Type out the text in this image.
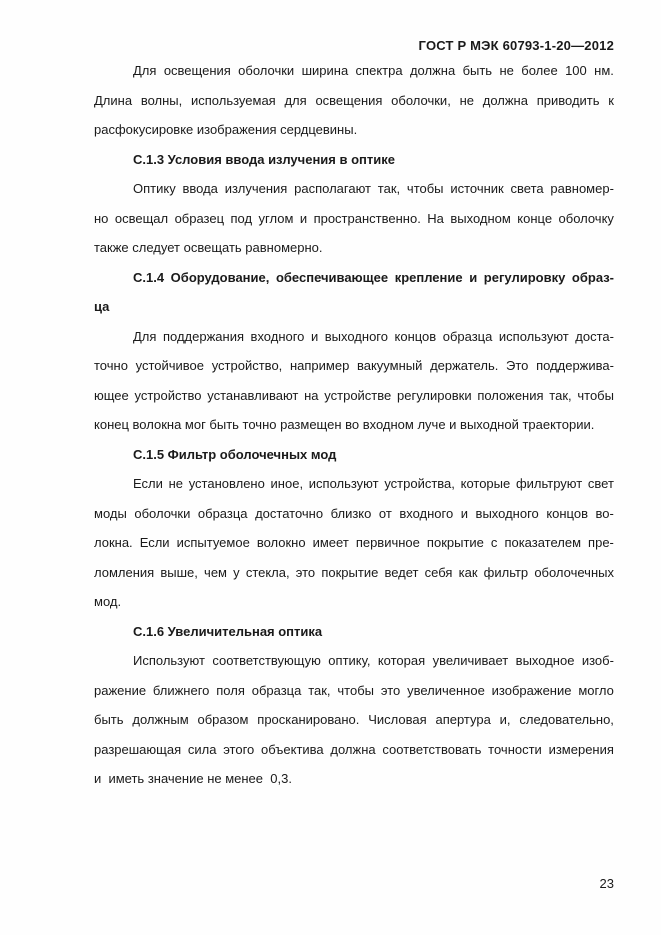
ГОСТ Р МЭК 60793-1-20—2012
Для освещения оболочки ширина спектра должна быть не более 100 нм.
Длина волны, используемая для освещения оболочки, не должна приводить к
расфокусировке изображения сердцевины.
С.1.3 Условия ввода излучения в оптике
Оптику ввода излучения располагают так, чтобы источник света равномер-
но освещал образец под углом и пространственно. На выходном конце оболочку
также следует освещать равномерно.
С.1.4 Оборудование, обеспечивающее крепление и регулировку образ-
ца
Для поддержания входного и выходного концов образца используют доста-
точно устойчивое устройство, например вакуумный держатель. Это поддержива-
ющее устройство устанавливают на устройстве регулировки положения так, чтобы
конец волокна мог быть точно размещен во входном луче и выходной траектории.
С.1.5 Фильтр оболочечных мод
Если не установлено иное, используют устройства, которые фильтруют свет
моды оболочки образца достаточно близко от входного и выходного концов во-
локна. Если испытуемое волокно имеет первичное покрытие с показателем пре-
ломления выше, чем у стекла, это покрытие ведет себя как фильтр оболочечных
мод.
С.1.6 Увеличительная оптика
Используют соответствующую оптику, которая увеличивает выходное изоб-
ражение ближнего поля образца так, чтобы это увеличенное изображение могло
быть должным образом просканировано. Числовая апертура и, следовательно,
разрешающая сила этого объектива должна соответствовать точности измерения
и  иметь значение не менее  0,3.
23
